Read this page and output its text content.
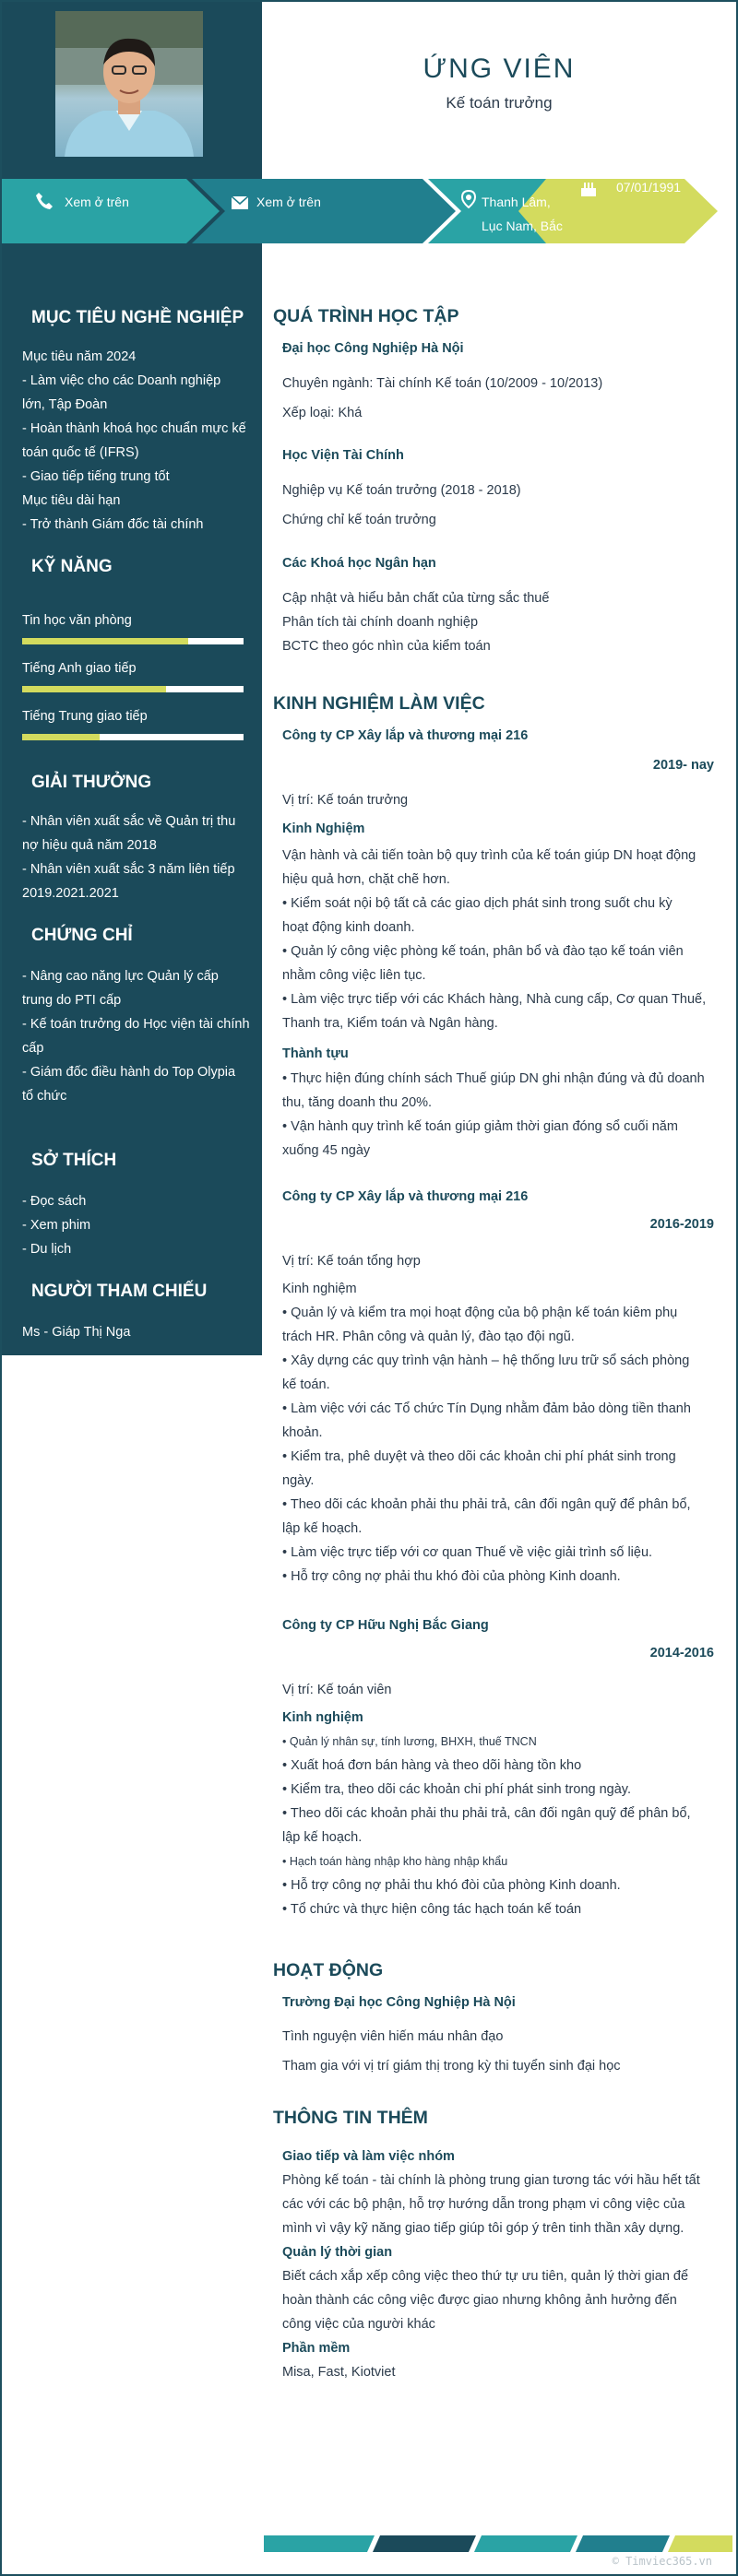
ỨNG VIÊN
Kế toán trưởng
Xem ở trên	Xem ở trên	Thanh Lâm,
Lục Nam, Bắc
07/01/1991
MỤC TIÊU NGHỀ NGHIỆP
Mục tiêu năm 2024
- Làm việc cho các Doanh nghiệp
lớn, Tập Đoàn
- Hoàn thành khoá học chuẩn mực kế
toán quốc tế (IFRS)
- Giao tiếp tiếng trung tốt
Mục tiêu dài hạn
- Trở thành Giám đốc tài chính
KỸ NĂNG
Tin học văn phòng
Tiếng Anh giao tiếp
Tiếng Trung giao tiếp
GIẢI THƯỞNG
- Nhân viên xuất sắc về Quản trị thu
nợ hiệu quả năm 2018
- Nhân viên xuất sắc 3 năm liên tiếp
2019.2021.2021
CHỨNG CHỈ
- Nâng cao năng lực Quản lý cấp
trung do PTI cấp
- Kế toán trưởng do Học viện tài chính
cấp
- Giám đốc điều hành do Top Olypia
tổ chức
SỞ THÍCH
- Đọc sách
- Xem phim
- Du lịch
NGƯỜI THAM CHIẾU
Ms - Giáp Thị Nga
QUÁ TRÌNH HỌC TẬP
Đại học Công Nghiệp Hà Nội
Chuyên ngành: Tài chính Kế toán (10/2009 - 10/2013)
Xếp loại: Khá
Học Viện Tài Chính
Nghiệp vụ Kế toán trưởng (2018 - 2018)
Chứng chỉ kế toán trưởng
Các Khoá học Ngân hạn
Cập nhật và hiểu bản chất của từng sắc thuế
Phân tích tài chính doanh nghiệp
BCTC theo góc nhìn của kiểm toán
KINH NGHIỆM LÀM VIỆC
Công ty CP Xây lắp và thương mại 216
2019- nay
Vị trí: Kế toán trưởng
Kinh Nghiệm
Vận hành và cải tiến toàn bộ quy trình của kế toán giúp DN hoạt động
hiệu quả hơn, chặt chẽ hơn.
• Kiểm soát nội bộ tất cả các giao dịch phát sinh trong suốt chu kỳ
hoạt động kinh doanh.
• Quản lý công việc phòng kế toán, phân bổ và đào tạo kế toán viên
nhằm công việc liên tục.
• Làm việc trực tiếp với các Khách hàng, Nhà cung cấp, Cơ quan Thuế,
Thanh tra, Kiểm toán và Ngân hàng.
Thành tựu
• Thực hiện đúng chính sách Thuế giúp DN ghi nhận đúng và đủ doanh
thu, tăng doanh thu 20%.
• Vận hành quy trình kế toán giúp giảm thời gian đóng sổ cuối năm
xuống 45 ngày
Công ty CP Xây lắp và thương mại 216
2016-2019
Vị trí: Kế toán tổng hợp
Kinh nghiệm
• Quản lý và kiểm tra mọi hoạt động của bộ phận kế toán kiêm phụ
trách HR. Phân công và quản lý, đào tạo đội ngũ.
• Xây dựng các quy trình vận hành – hệ thống lưu trữ sổ sách phòng
kế toán.
• Làm việc với các Tổ chức Tín Dụng nhằm đảm bảo dòng tiền thanh
khoản.
• Kiểm tra, phê duyệt và theo dõi các khoản chi phí phát sinh trong
ngày.
• Theo dõi các khoản phải thu phải trả, cân đối ngân quỹ để phân bổ,
lập kế hoạch.
• Làm việc trực tiếp với cơ quan Thuế về việc giải trình số liệu.
• Hỗ trợ công nợ phải thu khó đòi của phòng Kinh doanh.
Công ty CP Hữu Nghị Bắc Giang
2014-2016
Vị trí: Kế toán viên
Kinh nghiệm
• Quản lý nhân sự, tính lương, BHXH, thuế TNCN
• Xuất hoá đơn bán hàng và theo dõi hàng tồn kho
• Kiểm tra, theo dõi các khoản chi phí phát sinh trong ngày.
• Theo dõi các khoản phải thu phải trả, cân đối ngân quỹ để phân bổ,
lập kế hoạch.
• Hạch toán hàng nhập kho hàng nhập khẩu
• Hỗ trợ công nợ phải thu khó đòi của phòng Kinh doanh.
• Tổ chức và thực hiện công tác hạch toán kế toán
HOẠT ĐỘNG
Trường Đại học Công Nghiệp Hà Nội
Tình nguyện viên hiến máu nhân đạo
Tham gia với vị trí giám thị trong kỳ thi tuyển sinh đại học
THÔNG TIN THÊM
Giao tiếp và làm việc nhóm
Phòng kế toán - tài chính là phòng trung gian tương tác với hầu hết tất
các với các bộ phận, hỗ trợ hướng dẫn trong phạm vi công việc của
mình vì vậy kỹ năng giao tiếp giúp tôi góp ý trên tinh thần xây dựng.
Quản lý thời gian
Biết cách xắp xếp công việc theo thứ tự ưu tiên, quản lý thời gian để
hoàn thành các công việc được giao nhưng không ảnh hưởng đến
công việc của người khác
Phần mềm
Misa, Fast, Kiotviet
© Timviec365.vn
